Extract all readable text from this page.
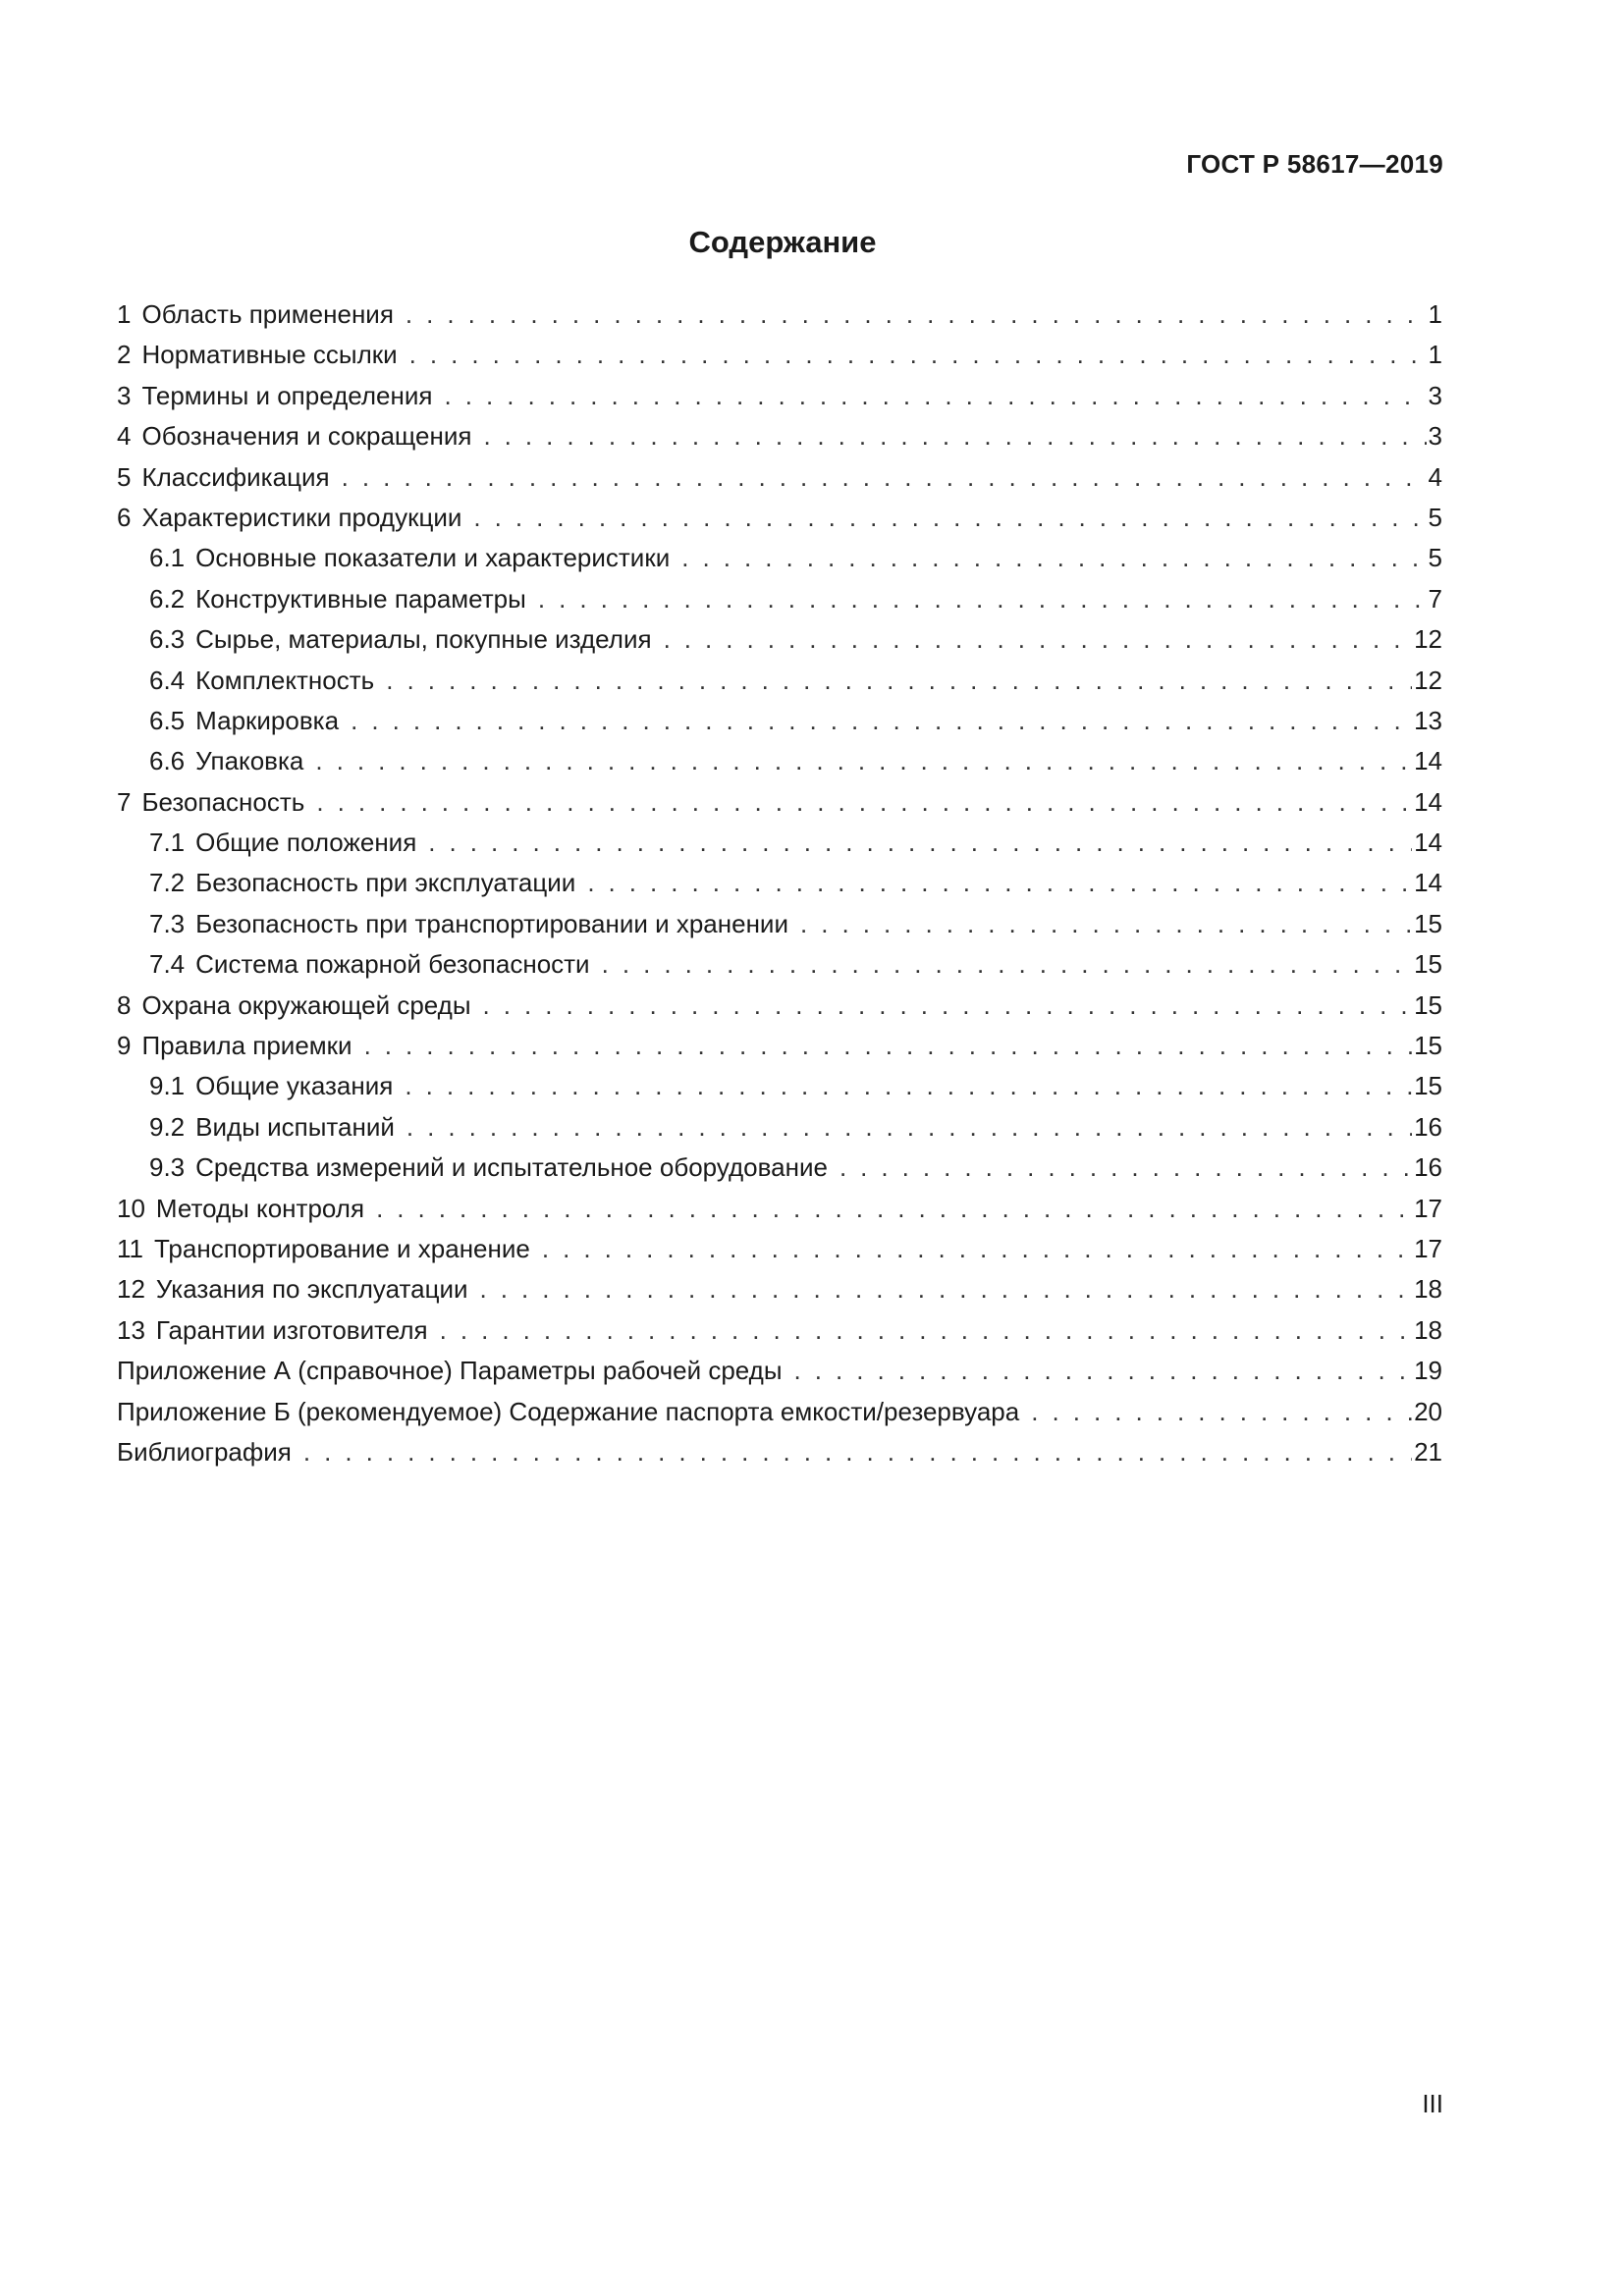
ГОСТ Р 58617—2019
Содержание
1 Область применения . . .	1
2 Нормативные ссылки . . .	1
3 Термины и определения . . .	3
4 Обозначения и сокращения . . .	3
5 Классификация . . .	4
6 Характеристики продукции . . .	5
6.1 Основные показатели и характеристики . . .	5
6.2 Конструктивные параметры . . .	7
6.3 Сырье, материалы, покупные изделия . . .	12
6.4 Комплектность . . .	12
6.5 Маркировка . . .	13
6.6 Упаковка . . .	14
7 Безопасность . . .	14
7.1 Общие положения . . .	14
7.2 Безопасность при эксплуатации . . .	14
7.3 Безопасность при транспортировании и хранении . . .	15
7.4 Система пожарной безопасности . . .	15
8 Охрана окружающей среды . . .	15
9 Правила приемки . . .	15
9.1 Общие указания . . .	15
9.2 Виды испытаний . . .	16
9.3 Средства измерений и испытательное оборудование . . .	16
10 Методы контроля . . .	17
11 Транспортирование и хранение . . .	17
12 Указания по эксплуатации . . .	18
13 Гарантии изготовителя . . .	18
Приложение А (справочное) Параметры рабочей среды . . .	19
Приложение Б (рекомендуемое) Содержание паспорта емкости/резервуара . . .	20
Библиография . . .	21
III
